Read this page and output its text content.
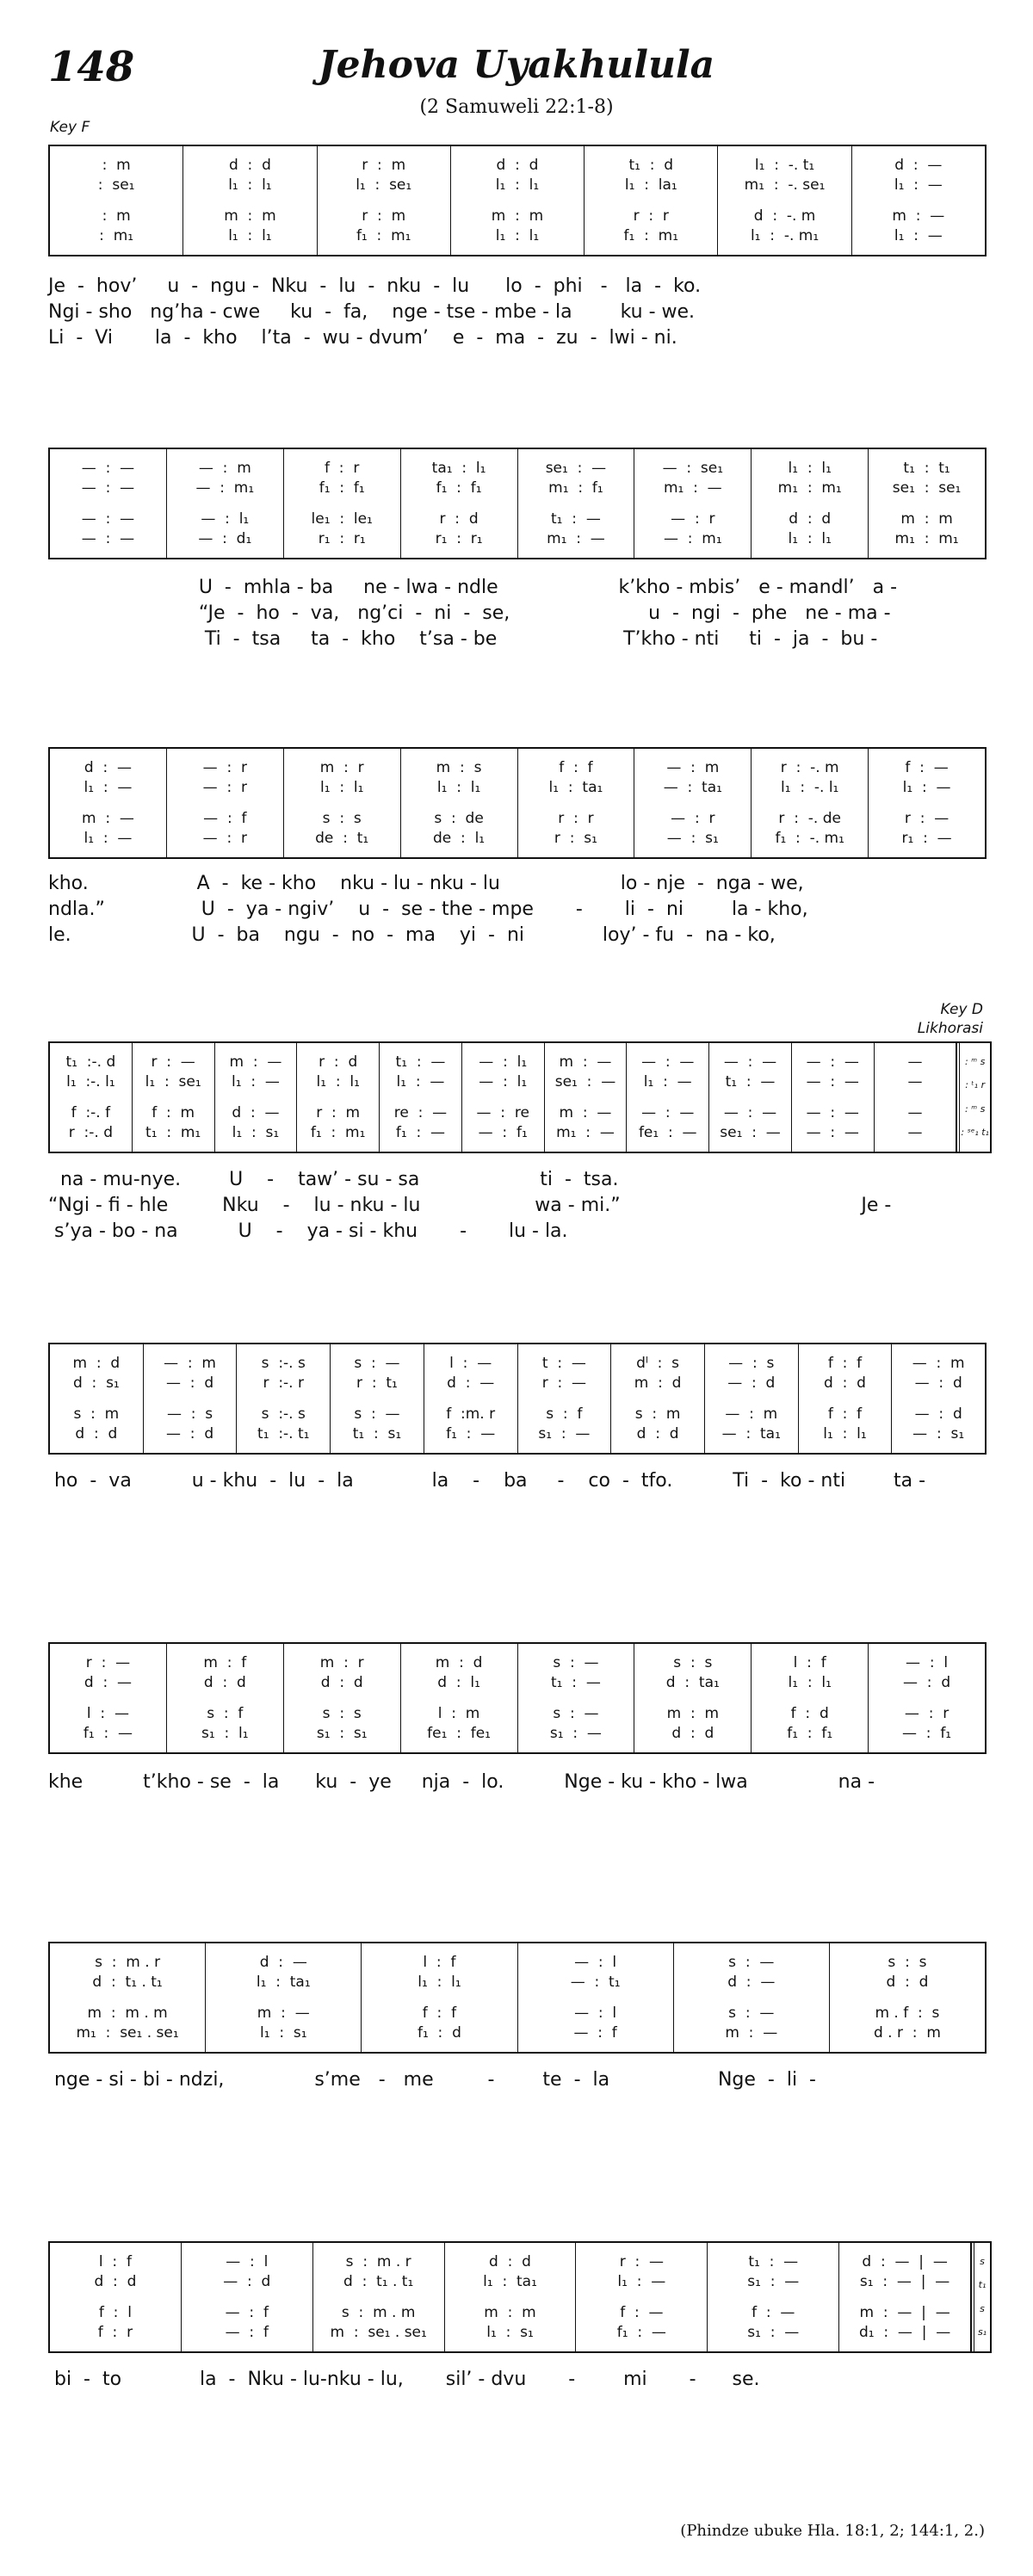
148	Jehova Uyakhulula
(2 Samuweli 22:1-8)
Key F
Key D
Likhorasi
:  m
:  se₁
:  m
:  m₁
d  :  d
l₁  :  l₁
m  :  m
l₁  :  l₁
r  :  m
l₁  :  se₁
r  :  m
f₁  :  m₁
d  :  d
l₁  :  l₁
m  :  m
l₁  :  l₁
t₁  :  d
l₁  :  la₁
r  :  r
f₁  :  m₁
l₁  :  -. t₁
m₁  :  -. se₁
d  :  -. m
l₁  :  -. m₁
d  :  —
l₁  :  —
m  :  —
l₁  :  —
Je  -  hov’     u  -  ngu -  Nku  -  lu  -  nku  -  lu      lo  -  phi   -   la  -  ko.
Ngi - sho   ng’ha - cwe     ku  -  fa,    nge - tse - mbe - la        ku - we.
Li  -  Vi       la  -  kho    l’ta  -  wu - dvum’    e  -  ma  -  zu  -  lwi - ni.
—  :  —
—  :  —
—  :  —
—  :  —
—  :  m
—  :  m₁
—  :  l₁
—  :  d₁
f  :  r
f₁  :  f₁
le₁  :  le₁
r₁  :  r₁
ta₁  :  l₁
f₁  :  f₁
r  :  d
r₁  :  r₁
se₁  :  —
m₁  :  f₁
t₁  :  —
m₁  :  —
—  :  se₁
m₁  :  —
—  :  r
—  :  m₁
l₁  :  l₁
m₁  :  m₁
d  :  d
l₁  :  l₁
t₁  :  t₁
se₁  :  se₁
m  :  m
m₁  :  m₁
U  -  mhla - ba     ne - lwa - ndle                    k’kho - mbis’   e - mandl’   a -
“Je  -  ho  -  va,   ng’ci  -  ni  -  se,                       u  -  ngi  -  phe   ne - ma -
Ti  -  tsa     ta  -  kho    t’sa - be                     T’kho - nti     ti  -  ja  -  bu -
d  :  —
l₁  :  —
m  :  —
l₁  :  —
—  :  r
—  :  r
—  :  f
—  :  r
m  :  r
l₁  :  l₁
s  :  s
de  :  t₁
m  :  s
l₁  :  l₁
s  :  de
de  :  l₁
f  :  f
l₁  :  ta₁
r  :  r
r  :  s₁
—  :  m
—  :  ta₁
—  :  r
—  :  s₁
r  :  -. m
l₁  :  -. l₁
r  :  -. de
f₁  :  -. m₁
f  :  —
l₁  :  —
r  :  —
r₁  :  —
kho.                  A  -  ke - kho    nku - lu - nku - lu                    lo - nje  -  nga - we,
ndla.”                U  -  ya - ngiv’    u  -  se - the - mpe       -       li  -  ni        la - kho,
le.                    U  -  ba    ngu  -  no  -  ma    yi  -  ni             loy’ - fu  -  na - ko,
t₁  :-. d
l₁  :-. l₁
f  :-. f
r  :-. d
r  :  —
l₁  :  se₁
f  :  m
t₁  :  m₁
m  :  —
l₁  :  —
d  :  —
l₁  :  s₁
r  :  d
l₁  :  l₁
r  :  m
f₁  :  m₁
t₁  :  —
l₁  :  —
re  :  —
f₁  :  —
—  :  l₁
—  :  l₁
—  :  re
—  :  f₁
m  :  —
se₁  :  —
m  :  —
m₁  :  —
—  :  —
l₁  :  —
—  :  —
fe₁  :  —
—  :  —
t₁  :  —
—  :  —
se₁  :  —
—  :  —
—  :  —
—  :  —
—  :  —
—
—
—
—
: ᵐ s
: ᵗ₁ r
: ᵐ s
: ˢᵉ₁ t₁
na - mu-nye.        U    -    taw’ - su - sa                    ti  -  tsa.
“Ngi - fi - hle         Nku    -    lu - nku - lu                   wa - mi.”                                        Je -
s’ya - bo - na          U    -    ya - si - khu       -       lu - la.
m  :  d
d  :  s₁
s  :  m
d  :  d
—  :  m
—  :  d
—  :  s
—  :  d
s  :-. s
r  :-. r
s  :-. s
t₁  :-. t₁
s  :  —
r  :  t₁
s  :  —
t₁  :  s₁
l  :  —
d  :  —
f  :m. r
f₁  :  —
t  :  —
r  :  —
s  :  f
s₁  :  —
dˡ  :  s
m  :  d
s  :  m
d  :  d
—  :  s
—  :  d
—  :  m
—  :  ta₁
f  :  f
d  :  d
f  :  f
l₁  :  l₁
—  :  m
—  :  d
—  :  d
—  :  s₁
ho  -  va          u - khu  -  lu  -  la             la    -    ba     -    co  -  tfo.          Ti  -  ko - nti        ta -
r  :  —
d  :  —
l  :  —
f₁  :  —
m  :  f
d  :  d
s  :  f
s₁  :  l₁
m  :  r
d  :  d
s  :  s
s₁  :  s₁
m  :  d
d  :  l₁
l  :  m
fe₁  :  fe₁
s  :  —
t₁  :  —
s  :  —
s₁  :  —
s  :  s
d  :  ta₁
m  :  m
d  :  d
l  :  f
l₁  :  l₁
f  :  d
f₁  :  f₁
—  :  l
—  :  d
—  :  r
—  :  f₁
khe          t’kho - se  -  la      ku  -  ye     nja  -  lo.          Nge - ku - kho - lwa               na -
s  :  m . r
d  :  t₁ . t₁
m  :  m . m
m₁  :  se₁ . se₁
d  :  —
l₁  :  ta₁
m  :  —
l₁  :  s₁
l  :  f
l₁  :  l₁
f  :  f
f₁  :  d
—  :  l
—  :  t₁
—  :  l
—  :  f
s  :  —
d  :  —
s  :  —
m  :  —
s  :  s
d  :  d
m . f  :  s
d . r  :  m
nge - si - bi - ndzi,               s’me   -   me         -        te  -  la                  Nge  -  li  -
l  :  f
d  :  d
f  :  l
f  :  r
—  :  l
—  :  d
—  :  f
—  :  f
s  :  m . r
d  :  t₁ . t₁
s  :  m . m
m  :  se₁ . se₁
d  :  d
l₁  :  ta₁
m  :  m
l₁  :  s₁
r  :  —
l₁  :  —
f  :  —
f₁  :  —
t₁  :  —
s₁  :  —
f  :  —
s₁  :  —
d  :  —  |  —
s₁  :  —  |  —
m  :  —  |  —
d₁  :  —  |  —
s
t₁
s
s₁
bi  -  to             la  -  Nku - lu-nku - lu,       sil’ - dvu       -        mi       -      se.
(Phindze ubuke Hla. 18:1, 2; 144:1, 2.)
